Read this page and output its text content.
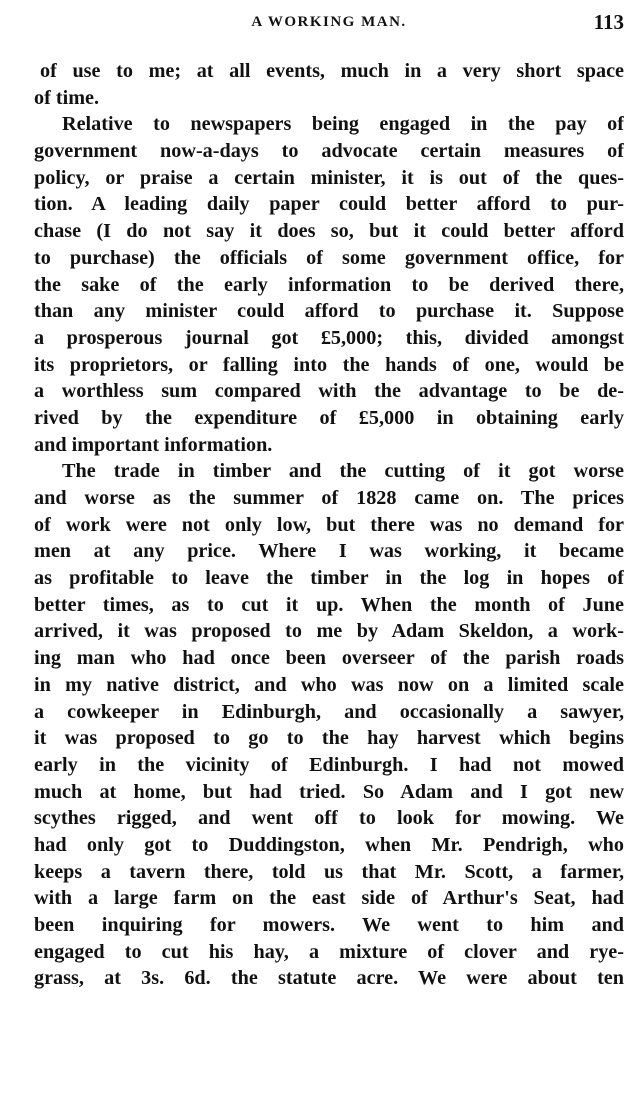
A WORKING MAN.	113
of use to me; at all events, much in a very short space
of time.
Relative to newspapers being engaged in the pay of
government now-a-days to advocate certain measures of
policy, or praise a certain minister, it is out of the ques-
tion. A leading daily paper could better afford to pur-
chase (I do not say it does so, but it could better afford
to purchase) the officials of some government office, for
the sake of the early information to be derived there,
than any minister could afford to purchase it. Suppose
a prosperous journal got £5,000; this, divided amongst
its proprietors, or falling into the hands of one, would be
a worthless sum compared with the advantage to be de-
rived by the expenditure of £5,000 in obtaining early
and important information.
The trade in timber and the cutting of it got worse
and worse as the summer of 1828 came on. The prices
of work were not only low, but there was no demand for
men at any price. Where I was working, it became
as profitable to leave the timber in the log in hopes of
better times, as to cut it up. When the month of June
arrived, it was proposed to me by Adam Skeldon, a work-
ing man who had once been overseer of the parish roads
in my native district, and who was now on a limited scale
a cowkeeper in Edinburgh, and occasionally a sawyer,
it was proposed to go to the hay harvest which begins
early in the vicinity of Edinburgh. I had not mowed
much at home, but had tried. So Adam and I got new
scythes rigged, and went off to look for mowing. We
had only got to Duddingston, when Mr. Pendrigh, who
keeps a tavern there, told us that Mr. Scott, a farmer,
with a large farm on the east side of Arthur's Seat, had
been inquiring for mowers. We went to him and
engaged to cut his hay, a mixture of clover and rye-
grass, at 3s. 6d. the statute acre. We were about ten
